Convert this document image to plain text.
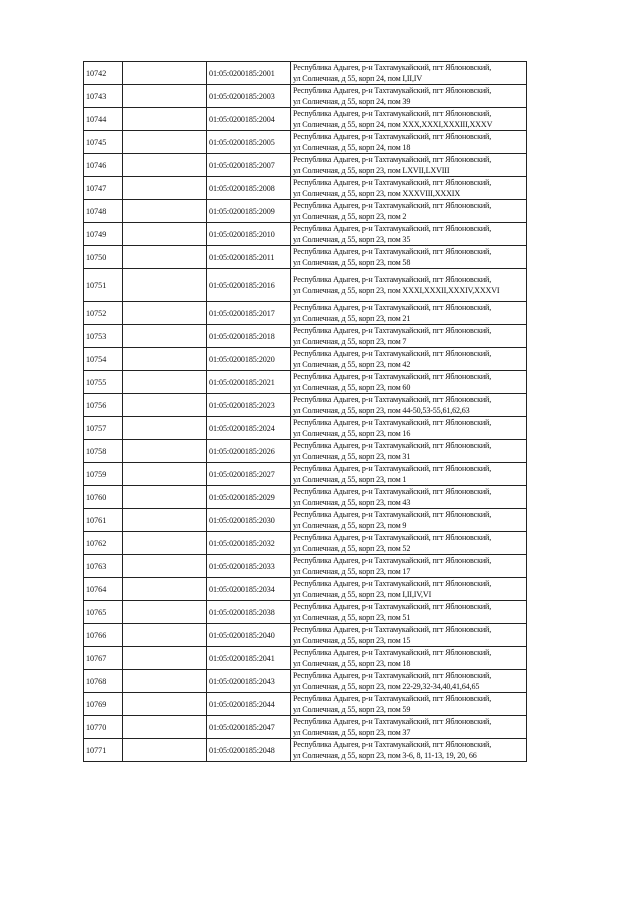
10742		01:05:0200185:2001	Республика Адыгея, р-н Тахтамукайский, пгт Яблоновский,
ул Солнечная, д 55, корп 24, пом I,II,IV

10743		01:05:0200185:2003	Республика Адыгея, р-н Тахтамукайский, пгт Яблоновский,
ул Солнечная, д 55, корп 24, пом 39

10744		01:05:0200185:2004	Республика Адыгея, р-н Тахтамукайский, пгт Яблоновский,
ул Солнечная, д 55, корп 24, пом XXX,XXXI,XXXIII,XXXV

10745		01:05:0200185:2005	Республика Адыгея, р-н Тахтамукайский, пгт Яблоновский,
ул Солнечная, д 55, корп 24, пом 18

10746		01:05:0200185:2007	Республика Адыгея, р-н Тахтамукайский, пгт Яблоновский,
ул Солнечная, д 55, корп 23, пом LXVII,LXVIII

10747		01:05:0200185:2008	Республика Адыгея, р-н Тахтамукайский, пгт Яблоновский,
ул Солнечная, д 55, корп 23, пом XXXVIII,XXXIX

10748		01:05:0200185:2009	Республика Адыгея, р-н Тахтамукайский, пгт Яблоновский,
ул Солнечная, д 55, корп 23, пом 2

10749		01:05:0200185:2010	Республика Адыгея, р-н Тахтамукайский, пгт Яблоновский,
ул Солнечная, д 55, корп 23, пом 35

10750		01:05:0200185:2011	Республика Адыгея, р-н Тахтамукайский, пгт Яблоновский,
ул Солнечная, д 55, корп 23, пом 58

10751		01:05:0200185:2016	Республика Адыгея, р-н Тахтамукайский, пгт Яблоновский,
ул Солнечная, д 55, корп 23, пом XXXI,XXXII,XXXIV,XXXVI

10752		01:05:0200185:2017	Республика Адыгея, р-н Тахтамукайский, пгт Яблоновский,
ул Солнечная, д 55, корп 23, пом 21

10753		01:05:0200185:2018	Республика Адыгея, р-н Тахтамукайский, пгт Яблоновский,
ул Солнечная, д 55, корп 23, пом 7

10754		01:05:0200185:2020	Республика Адыгея, р-н Тахтамукайский, пгт Яблоновский,
ул Солнечная, д 55, корп 23, пом 42

10755		01:05:0200185:2021	Республика Адыгея, р-н Тахтамукайский, пгт Яблоновский,
ул Солнечная, д 55, корп 23, пом 60

10756		01:05:0200185:2023	Республика Адыгея, р-н Тахтамукайский, пгт Яблоновский,
ул Солнечная, д 55, корп 23, пом 44-50,53-55,61,62,63

10757		01:05:0200185:2024	Республика Адыгея, р-н Тахтамукайский, пгт Яблоновский,
ул Солнечная, д 55, корп 23, пом 16

10758		01:05:0200185:2026	Республика Адыгея, р-н Тахтамукайский, пгт Яблоновский,
ул Солнечная, д 55, корп 23, пом 31

10759		01:05:0200185:2027	Республика Адыгея, р-н Тахтамукайский, пгт Яблоновский,
ул Солнечная, д 55, корп 23, пом 1

10760		01:05:0200185:2029	Республика Адыгея, р-н Тахтамукайский, пгт Яблоновский,
ул Солнечная, д 55, корп 23, пом 43

10761		01:05:0200185:2030	Республика Адыгея, р-н Тахтамукайский, пгт Яблоновский,
ул Солнечная, д 55, корп 23, пом 9

10762		01:05:0200185:2032	Республика Адыгея, р-н Тахтамукайский, пгт Яблоновский,
ул Солнечная, д 55, корп 23, пом 52

10763		01:05:0200185:2033	Республика Адыгея, р-н Тахтамукайский, пгт Яблоновский,
ул Солнечная, д 55, корп 23, пом 17

10764		01:05:0200185:2034	Республика Адыгея, р-н Тахтамукайский, пгт Яблоновский,
ул Солнечная, д 55, корп 23, пом I,II,IV,VI

10765		01:05:0200185:2038	Республика Адыгея, р-н Тахтамукайский, пгт Яблоновский,
ул Солнечная, д 55, корп 23, пом 51

10766		01:05:0200185:2040	Республика Адыгея, р-н Тахтамукайский, пгт Яблоновский,
ул Солнечная, д 55, корп 23, пом 15

10767		01:05:0200185:2041	Республика Адыгея, р-н Тахтамукайский, пгт Яблоновский,
ул Солнечная, д 55, корп 23, пом 18

10768		01:05:0200185:2043	Республика Адыгея, р-н Тахтамукайский, пгт Яблоновский,
ул Солнечная, д 55, корп 23, пом 22-29,32-34,40,41,64,65

10769		01:05:0200185:2044	Республика Адыгея, р-н Тахтамукайский, пгт Яблоновский,
ул Солнечная, д 55, корп 23, пом 59

10770		01:05:0200185:2047	Республика Адыгея, р-н Тахтамукайский, пгт Яблоновский,
ул Солнечная, д 55, корп 23, пом 37

10771		01:05:0200185:2048	Республика Адыгея, р-н Тахтамукайский, пгт Яблоновский,
ул Солнечная, д 55, корп 23, пом 3-6, 8, 11-13, 19, 20, 66
